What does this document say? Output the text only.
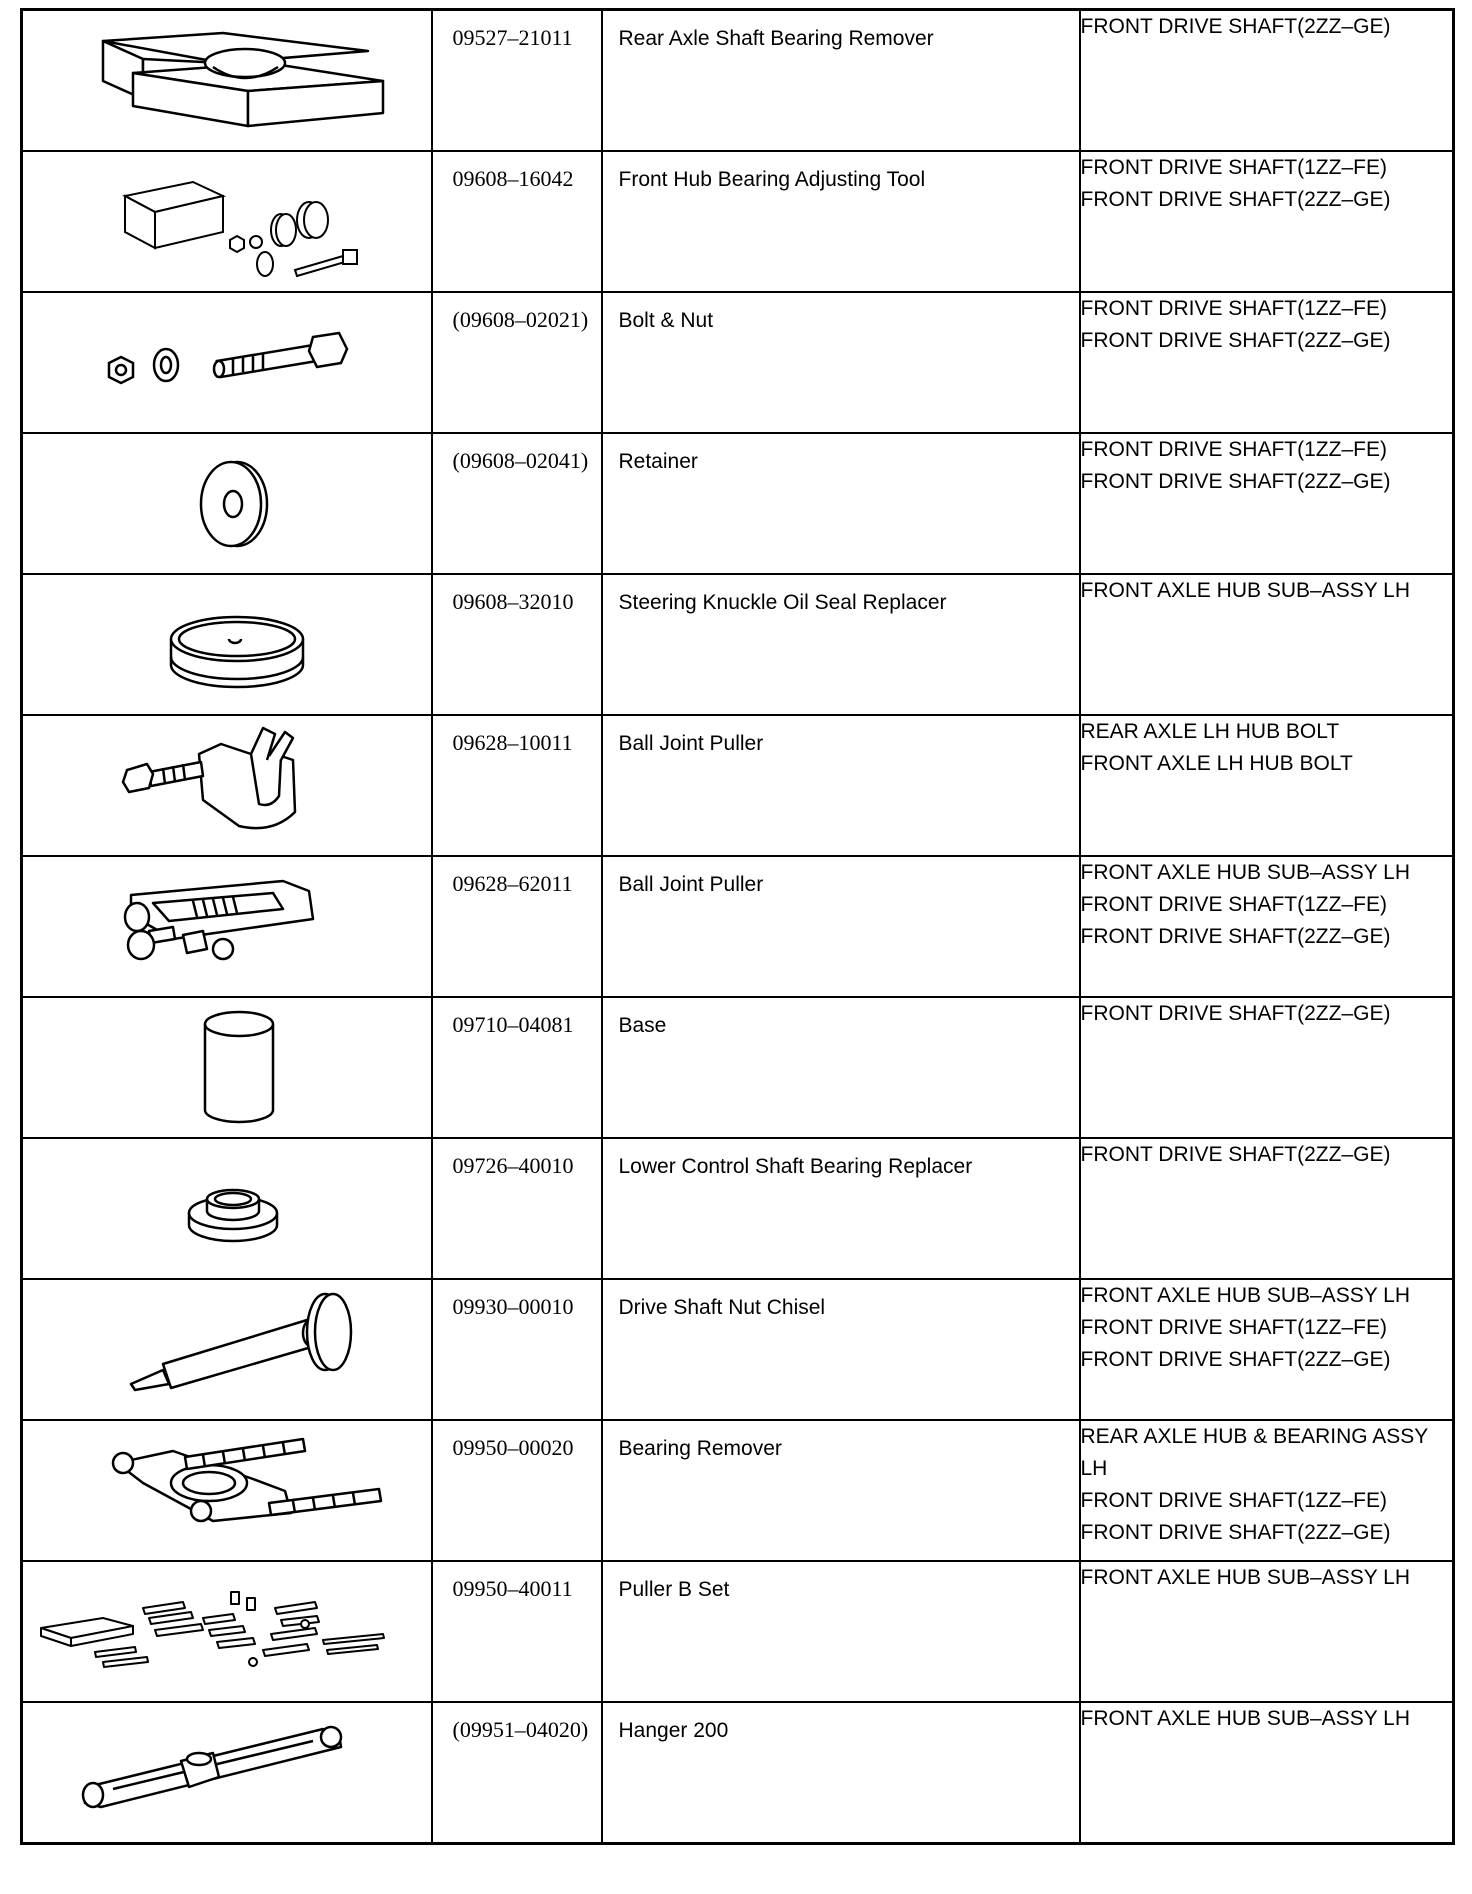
09527–21011	Rear Axle Shaft Bearing Remover	FRONT DRIVE SHAFT(2ZZ–GE)

09608–16042	Front Hub Bearing Adjusting Tool	FRONT DRIVE SHAFT(1ZZ–FE)
FRONT DRIVE SHAFT(2ZZ–GE)

(09608–02021)	Bolt & Nut	FRONT DRIVE SHAFT(1ZZ–FE)
FRONT DRIVE SHAFT(2ZZ–GE)

(09608–02041)	Retainer	FRONT DRIVE SHAFT(1ZZ–FE)
FRONT DRIVE SHAFT(2ZZ–GE)

09608–32010	Steering Knuckle Oil Seal Replacer	FRONT AXLE HUB SUB–ASSY LH

09628–10011	Ball Joint Puller	REAR AXLE LH HUB BOLT
FRONT AXLE LH HUB BOLT

09628–62011	Ball Joint Puller	FRONT AXLE HUB SUB–ASSY LH
FRONT DRIVE SHAFT(1ZZ–FE)
FRONT DRIVE SHAFT(2ZZ–GE)

09710–04081	Base	FRONT DRIVE SHAFT(2ZZ–GE)

09726–40010	Lower Control Shaft Bearing Replacer	FRONT DRIVE SHAFT(2ZZ–GE)

09930–00010	Drive Shaft Nut Chisel	FRONT AXLE HUB SUB–ASSY LH
FRONT DRIVE SHAFT(1ZZ–FE)
FRONT DRIVE SHAFT(2ZZ–GE)

09950–00020	Bearing Remover	REAR AXLE HUB & BEARING ASSY LH
FRONT DRIVE SHAFT(1ZZ–FE)
FRONT DRIVE SHAFT(2ZZ–GE)

09950–40011	Puller B Set	FRONT AXLE HUB SUB–ASSY LH

(09951–04020)	Hanger 200	FRONT AXLE HUB SUB–ASSY LH
